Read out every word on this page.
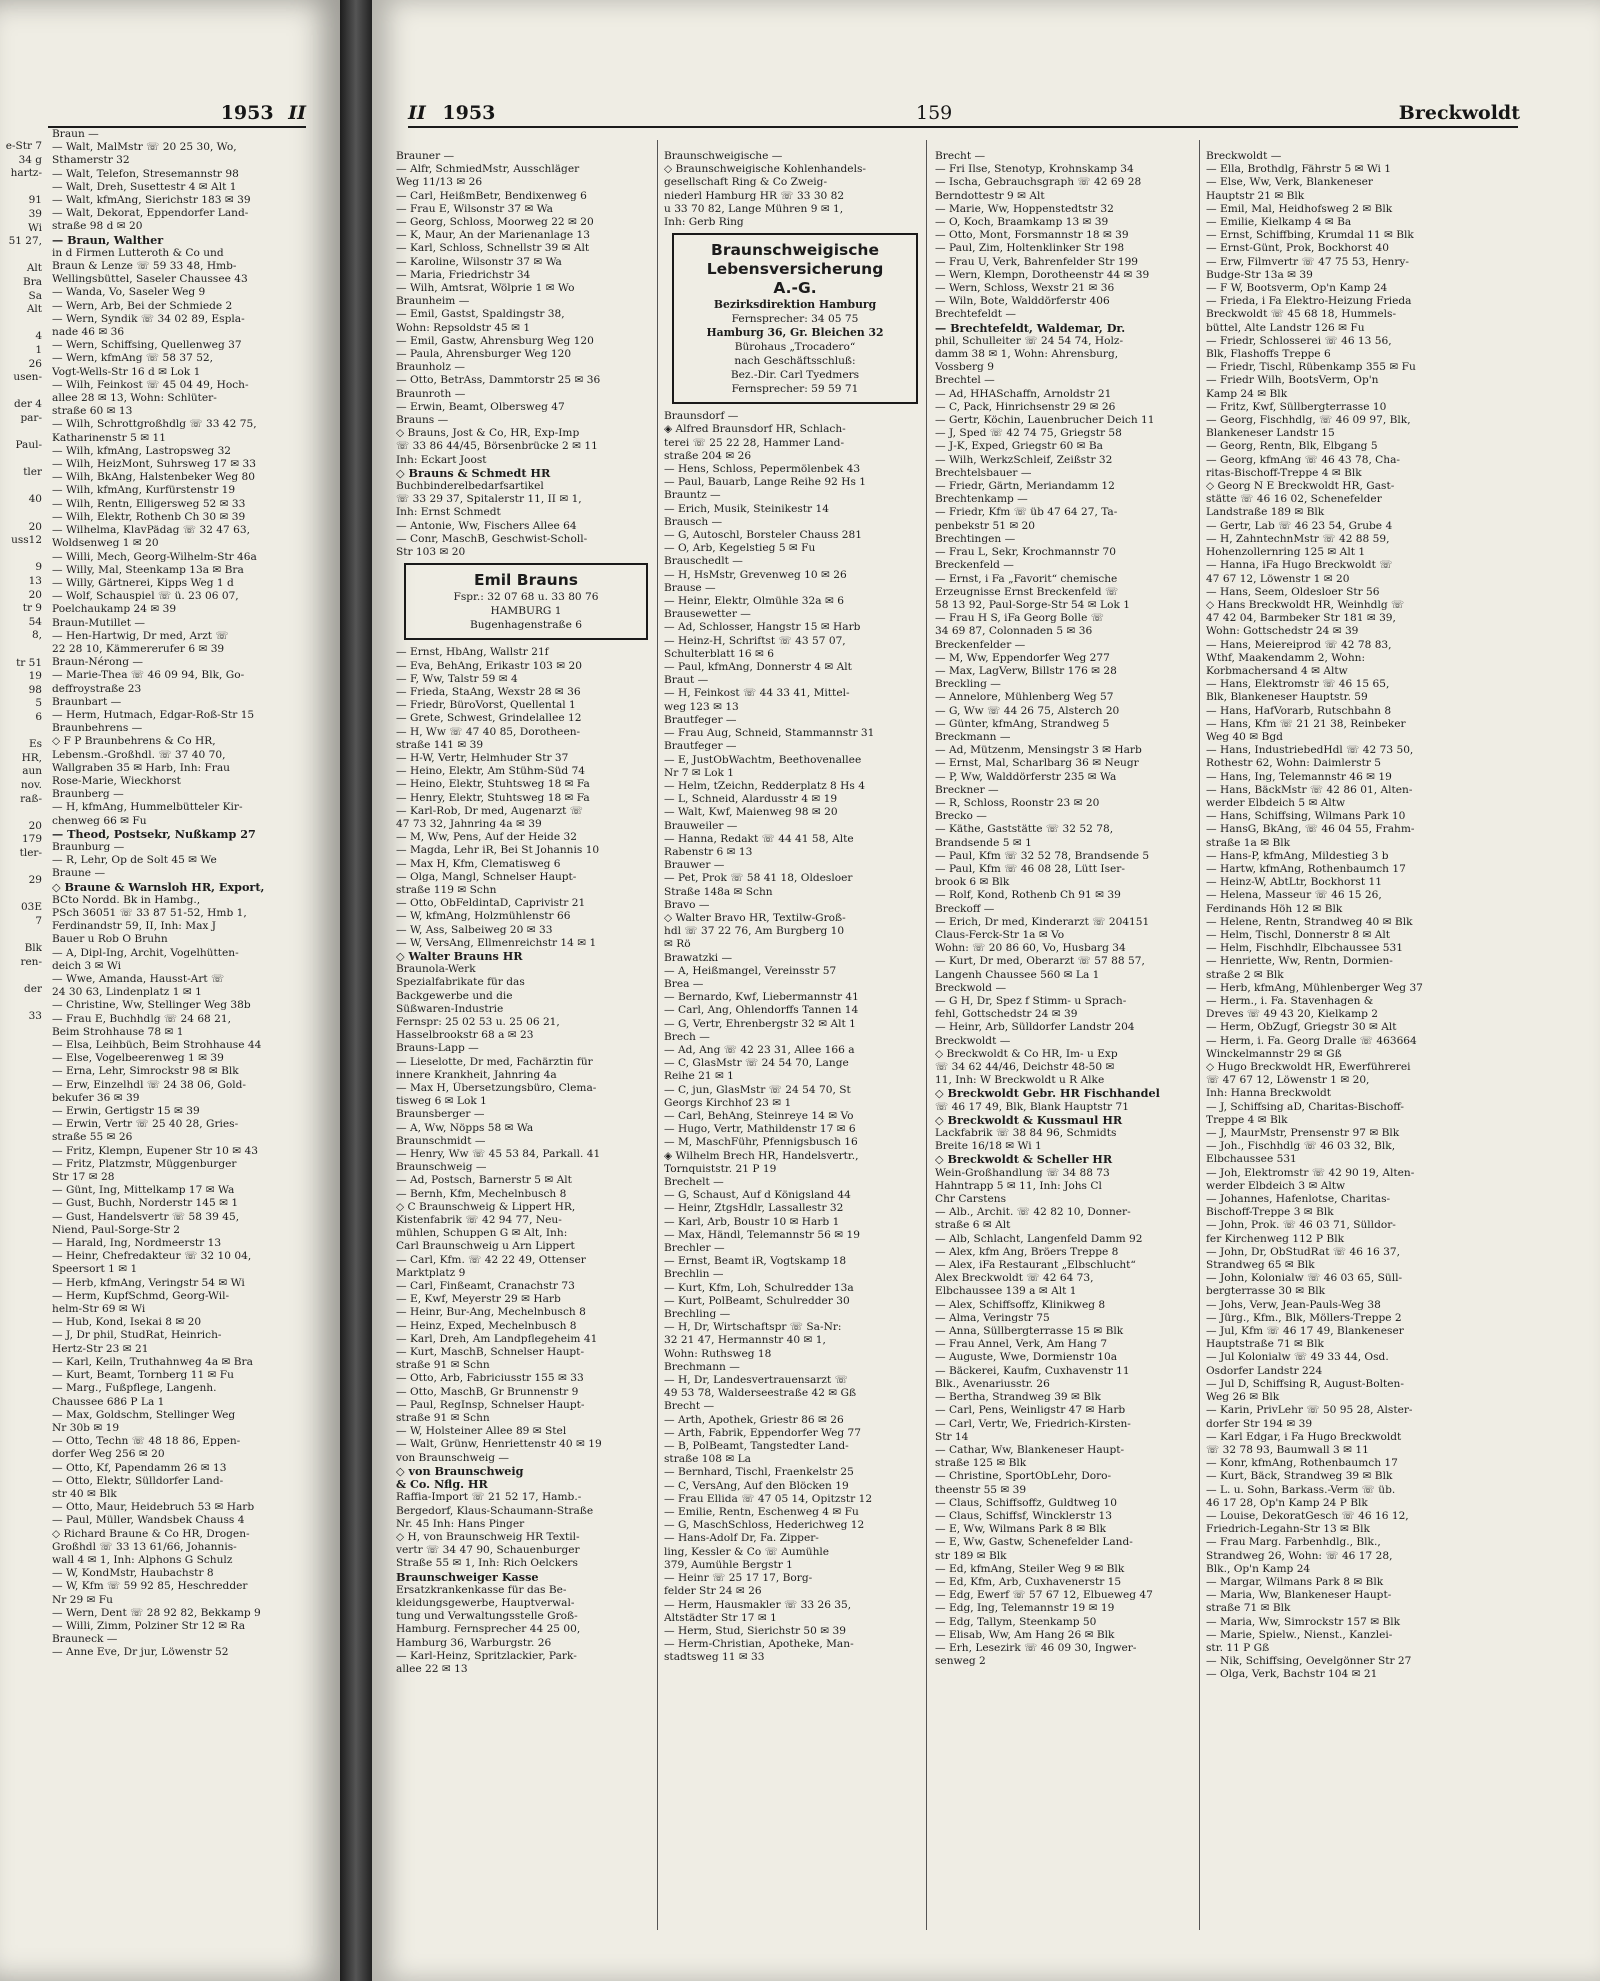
e-Str 7
34 g
hartz-

91
39
Wi
51 27,

Alt
Bra
Sa
Alt

4
1
26
usen-

der 4
par-

Paul-

tler

40

20
uss12

9
13
20
tr 9
54
8,

tr 51
19
98
5
6

Es
HR,
aun
nov.
raß-

20
179
tler-

29

03E
7

Blk
ren-

der

33
1953 II
Braun —
— Walt, MalMstr ☏ 20 25 30, Wo,
Sthamerstr 32
— Walt, Telefon, Stresemannstr 98
— Walt, Dreh, Susettestr 4 ✉ Alt 1
— Walt, kfmAng, Sierichstr 183 ✉ 39
— Walt, Dekorat, Eppendorfer Land-
straße 98 d ✉ 20
— Braun, Walther
in d Firmen Lutteroth & Co und
Braun & Lenze ☏ 59 33 48, Hmb-
Wellingsbüttel, Saseler Chaussee 43
— Wanda, Vo, Saseler Weg 9
— Wern, Arb, Bei der Schmiede 2
— Wern, Syndik ☏ 34 02 89, Espla-
nade 46 ✉ 36
— Wern, Schiffsing, Quellenweg 37
— Wern, kfmAng ☏ 58 37 52,
Vogt-Wells-Str 16 d ✉ Lok 1
— Wilh, Feinkost ☏ 45 04 49, Hoch-
allee 28 ✉ 13, Wohn: Schlüter-
straße 60 ✉ 13
— Wilh, Schrottgroßhdlg ☏ 33 42 75,
Katharinenstr 5 ✉ 11
— Wilh, kfmAng, Lastropsweg 32
— Wilh, HeizMont, Suhrsweg 17 ✉ 33
— Wilh, BkAng, Halstenbeker Weg 80
— Wilh, kfmAng, Kurfürstenstr 19
— Wilh, Rentn, Elligersweg 52 ✉ 33
— Wilh, Elektr, Rothenb Ch 30 ✉ 39
— Wilhelma, KlavPädag ☏ 32 47 63,
Woldsenweg 1 ✉ 20
— Willi, Mech, Georg-Wilhelm-Str 46a
— Willy, Mal, Steenkamp 13a ✉ Bra
— Willy, Gärtnerei, Kipps Weg 1 d
— Wolf, Schauspiel ☏ ü. 23 06 07,
Poelchaukamp 24 ✉ 39
Braun-Mutillet —
— Hen-Hartwig, Dr med, Arzt ☏
22 28 10, Kämmererufer 6 ✉ 39
Braun-Nérong —
— Marie-Thea ☏ 46 09 94, Blk, Go-
deffroystraße 23
Braunbart —
— Herm, Hutmach, Edgar-Roß-Str 15
Braunbehrens —
◇ F P Braunbehrens & Co HR,
Lebensm.-Großhdl. ☏ 37 40 70,
Wallgraben 35 ✉ Harb, Inh: Frau
Rose-Marie, Wieckhorst
Braunberg —
— H, kfmAng, Hummelbütteler Kir-
chenweg 66 ✉ Fu
— Theod, Postsekr, Nußkamp 27
Braunburg —
— R, Lehr, Op de Solt 45 ✉ We
Braune —
◇ Braune & Warnsloh HR, Export,
BCto Nordd. Bk in Hambg.,
PSch 36051 ☏ 33 87 51-52, Hmb 1,
Ferdinandstr 59, II, Inh: Max J
Bauer u Rob O Bruhn
— A, Dipl-Ing, Archit, Vogelhütten-
deich 3 ✉ Wi
— Wwe, Amanda, Hausst-Art ☏
24 30 63, Lindenplatz 1 ✉ 1
— Christine, Ww, Stellinger Weg 38b
— Frau E, Buchhdlg ☏ 24 68 21,
Beim Strohhause 78 ✉ 1
— Elsa, Leihbüch, Beim Strohhause 44
— Else, Vogelbeerenweg 1 ✉ 39
— Erna, Lehr, Simrockstr 98 ✉ Blk
— Erw, Einzelhdl ☏ 24 38 06, Gold-
bekufer 36 ✉ 39
— Erwin, Gertigstr 15 ✉ 39
— Erwin, Vertr ☏ 25 40 28, Gries-
straße 55 ✉ 26
— Fritz, Klempn, Eupener Str 10 ✉ 43
— Fritz, Platzmstr, Müggenburger
Str 17 ✉ 28
— Günt, Ing, Mittelkamp 17 ✉ Wa
— Gust, Buchh, Norderstr 145 ✉ 1
— Gust, Handelsvertr ☏ 58 39 45,
Niend, Paul-Sorge-Str 2
— Harald, Ing, Nordmeerstr 13
— Heinr, Chefredakteur ☏ 32 10 04,
Speersort 1 ✉ 1
— Herb, kfmAng, Veringstr 54 ✉ Wi
— Herm, KupfSchmd, Georg-Wil-
helm-Str 69 ✉ Wi
— Hub, Kond, Isekai 8 ✉ 20
— J, Dr phil, StudRat, Heinrich-
Hertz-Str 23 ✉ 21
— Karl, Keiln, Truthahnweg 4a ✉ Bra
— Kurt, Beamt, Tornberg 11 ✉ Fu
— Marg., Fußpflege, Langenh.
Chaussee 686 P La 1
— Max, Goldschm, Stellinger Weg
Nr 30b ✉ 19
— Otto, Techn ☏ 48 18 86, Eppen-
dorfer Weg 256 ✉ 20
— Otto, Kf, Papendamm 26 ✉ 13
— Otto, Elektr, Sülldorfer Land-
str 40 ✉ Blk
— Otto, Maur, Heidebruch 53 ✉ Harb
— Paul, Müller, Wandsbek Chauss 4
◇ Richard Braune & Co HR, Drogen-
Großhdl ☏ 33 13 61/66, Johannis-
wall 4 ✉ 1, Inh: Alphons G Schulz
— W, KondMstr, Haubachstr 8
— W, Kfm ☏ 59 92 85, Heschredder
Nr 29 ✉ Fu
— Wern, Dent ☏ 28 92 82, Bekkamp 9
— Willi, Zimm, Polziner Str 12 ✉ Ra
Brauneck —
— Anne Eve, Dr jur, Löwenstr 52
II 1953	159	Breckwoldt
Brauner —
— Alfr, SchmiedMstr, Ausschläger
Weg 11/13 ✉ 26
— Carl, HeißmBetr, Bendixenweg 6
— Frau E, Wilsonstr 37 ✉ Wa
— Georg, Schloss, Moorweg 22 ✉ 20
— K, Maur, An der Marienanlage 13
— Karl, Schloss, Schnellstr 39 ✉ Alt
— Karoline, Wilsonstr 37 ✉ Wa
— Maria, Friedrichstr 34
— Wilh, Amtsrat, Wölprie 1 ✉ Wo
Braunheim —
— Emil, Gastst, Spaldingstr 38,
Wohn: Repsoldstr 45 ✉ 1
— Emil, Gastw, Ahrensburg Weg 120
— Paula, Ahrensburger Weg 120
Braunholz —
— Otto, BetrAss, Dammtorstr 25 ✉ 36
Braunroth —
— Erwin, Beamt, Olbersweg 47
Brauns —
◇ Brauns, Jost & Co, HR, Exp-Imp
☏ 33 86 44/45, Börsenbrücke 2 ✉ 11
Inh: Eckart Joost
◇ Brauns & Schmedt HR
Buchbinderelbedarfsartikel
☏ 33 29 37, Spitalerstr 11, II ✉ 1,
Inh: Ernst Schmedt
— Antonie, Ww, Fischers Allee 64
— Conr, MaschB, Geschwist-Scholl-
Str 103 ✉ 20
Emil Brauns
Fspr.: 32 07 68 u. 33 80 76
HAMBURG 1
Bugenhagenstraße 6
— Ernst, HbAng, Wallstr 21f
— Eva, BehAng, Erikastr 103 ✉ 20
— F, Ww, Talstr 59 ✉ 4
— Frieda, StaAng, Wexstr 28 ✉ 36
— Friedr, BüroVorst, Quellental 1
— Grete, Schwest, Grindelallee 12
— H, Ww ☏ 47 40 85, Dorotheen-
straße 141 ✉ 39
— H-W, Vertr, Helmhuder Str 37
— Heino, Elektr, Am Stühm-Süd 74
— Heino, Elektr, Stuhtsweg 18 ✉ Fa
— Henry, Elektr, Stuhtsweg 18 ✉ Fa
— Karl-Rob, Dr med, Augenarzt ☏
47 73 32, Jahnring 4a ✉ 39
— M, Ww, Pens, Auf der Heide 32
— Magda, Lehr iR, Bei St Johannis 10
— Max H, Kfm, Clematisweg 6
— Olga, Mangl, Schnelser Haupt-
straße 119 ✉ Schn
— Otto, ObFeldintaD, Caprivistr 21
— W, kfmAng, Holzmühlenstr 66
— W, Ass, Salbeiweg 20 ✉ 33
— W, VersAng, Ellmenreichstr 14 ✉ 1
◇ Walter Brauns HR
Braunola-Werk
Spezialfabrikate für das
Backgewerbe und die
Süßwaren-Industrie
Fernspr: 25 02 53 u. 25 06 21,
Hasselbrookstr 68 a ✉ 23
Brauns-Lapp —
— Lieselotte, Dr med, Fachärztin für
innere Krankheit, Jahnring 4a
— Max H, Übersetzungsbüro, Clema-
tisweg 6 ✉ Lok 1
Braunsberger —
— A, Ww, Nöpps 58 ✉ Wa
Braunschmidt —
— Henry, Ww ☏ 45 53 84, Parkall. 41
Braunschweig —
— Ad, Postsch, Barnerstr 5 ✉ Alt
— Bernh, Kfm, Mechelnbusch 8
◇ C Braunschweig & Lippert HR,
Kistenfabrik ☏ 42 94 77, Neu-
mühlen, Schuppen G ✉ Alt, Inh:
Carl Braunschweig u Arn Lippert
— Carl, Kfm. ☏ 42 22 49, Ottenser
Marktplatz 9
— Carl, Finßeamt, Cranachstr 73
— E, Kwf, Meyerstr 29 ✉ Harb
— Heinr, Bur-Ang, Mechelnbusch 8
— Heinz, Exped, Mechelnbusch 8
— Karl, Dreh, Am Landpflegeheim 41
— Kurt, MaschB, Schnelser Haupt-
straße 91 ✉ Schn
— Otto, Arb, Fabriciusstr 155 ✉ 33
— Otto, MaschB, Gr Brunnenstr 9
— Paul, RegInsp, Schnelser Haupt-
straße 91 ✉ Schn
— W, Holsteiner Allee 89 ✉ Stel
— Walt, Grünw, Henriettenstr 40 ✉ 19
von Braunschweig —
◇ von Braunschweig
& Co. Nflg. HR
Raffia-Import ☏ 21 52 17, Hamb.-
Bergedorf, Klaus-Schaumann-Straße
Nr. 45 Inh: Hans Pinger
◇ H, von Braunschweig HR Textil-
vertr ☏ 34 47 90, Schauenburger
Straße 55 ✉ 1, Inh: Rich Oelckers
Braunschweiger Kasse
Ersatzkrankenkasse für das Be-
kleidungsgewerbe, Hauptverwal-
tung und Verwaltungsstelle Groß-
Hamburg. Fernsprecher 44 25 00,
Hamburg 36, Warburgstr. 26
— Karl-Heinz, Spritzlackier, Park-
allee 22 ✉ 13
Braunschweigische —
◇ Braunschweigische Kohlenhandels-
gesellschaft Ring & Co Zweig-
niederl Hamburg HR ☏ 33 30 82
u 33 70 82, Lange Mühren 9 ✉ 1,
Inh: Gerb Ring
Braunschweigische
Lebensversicherung
A.-G.
Bezirksdirektion Hamburg
Fernsprecher: 34 05 75
Hamburg 36, Gr. Bleichen 32
Bürohaus „Trocadero“
nach Geschäftsschluß:
Bez.-Dir. Carl Tyedmers
Fernsprecher: 59 59 71
Braunsdorf —
◈ Alfred Braunsdorf HR, Schlach-
terei ☏ 25 22 28, Hammer Land-
straße 204 ✉ 26
— Hens, Schloss, Pepermölenbek 43
— Paul, Bauarb, Lange Reihe 92 Hs 1
Brauntz —
— Erich, Musik, Steinikestr 14
Brausch —
— G, Autoschl, Borsteler Chauss 281
— O, Arb, Kegelstieg 5 ✉ Fu
Brauschedlt —
— H, HsMstr, Grevenweg 10 ✉ 26
Brause —
— Heinr, Elektr, Olmühle 32a ✉ 6
Brausewetter —
— Ad, Schlosser, Hangstr 15 ✉ Harb
— Heinz-H, Schriftst ☏ 43 57 07,
Schulterblatt 16 ✉ 6
— Paul, kfmAng, Donnerstr 4 ✉ Alt
Braut —
— H, Feinkost ☏ 44 33 41, Mittel-
weg 123 ✉ 13
Brautfeger —
— Frau Aug, Schneid, Stammannstr 31
Brautfeger —
— E, JustObWachtm, Beethovenallee
Nr 7 ✉ Lok 1
— Helm, tZeichn, Redderplatz 8 Hs 4
— L, Schneid, Alardusstr 4 ✉ 19
— Walt, Kwf, Maienweg 98 ✉ 20
Brauweiler —
— Hanna, Redakt ☏ 44 41 58, Alte
Rabenstr 6 ✉ 13
Brauwer —
— Pet, Prok ☏ 58 41 18, Oldesloer
Straße 148a ✉ Schn
Bravo —
◇ Walter Bravo HR, Textilw-Groß-
hdl ☏ 37 22 76, Am Burgberg 10
✉ Rö
Brawatzki —
— A, Heißmangel, Vereinsstr 57
Brea —
— Bernardo, Kwf, Liebermannstr 41
— Carl, Ang, Ohlendorffs Tannen 14
— G, Vertr, Ehrenbergstr 32 ✉ Alt 1
Brech —
— Ad, Ang ☏ 42 23 31, Allee 166 a
— C, GlasMstr ☏ 24 54 70, Lange
Reihe 21 ✉ 1
— C, jun, GlasMstr ☏ 24 54 70, St
Georgs Kirchhof 23 ✉ 1
— Carl, BehAng, Steinreye 14 ✉ Vo
— Hugo, Vertr, Mathildenstr 17 ✉ 6
— M, MaschFühr, Pfennigsbusch 16
◈ Wilhelm Brech HR, Handelsvertr.,
Tornquiststr. 21 P 19
Brechelt —
— G, Schaust, Auf d Königsland 44
— Heinr, ZtgsHdlr, Lassallestr 32
— Karl, Arb, Boustr 10 ✉ Harb 1
— Max, Händl, Telemannstr 56 ✉ 19
Brechler —
— Ernst, Beamt iR, Vogtskamp 18
Brechlin —
— Kurt, Kfm, Loh, Schulredder 13a
— Kurt, PolBeamt, Schulredder 30
Brechling —
— H, Dr, Wirtschaftspr ☏ Sa-Nr:
32 21 47, Hermannstr 40 ✉ 1,
Wohn: Ruthsweg 18
Brechmann —
— H, Dr, Landesvertrauensarzt ☏
49 53 78, Walderseestraße 42 ✉ Gß
Brecht —
— Arth, Apothek, Griestr 86 ✉ 26
— Arth, Fabrik, Eppendorfer Weg 77
— B, PolBeamt, Tangstedter Land-
straße 108 ✉ La
— Bernhard, Tischl, Fraenkelstr 25
— C, VersAng, Auf den Blöcken 19
— Frau Ellida ☏ 47 05 14, Opitzstr 12
— Emilie, Rentn, Eschenweg 4 ✉ Fu
— G, MaschSchloss, Hederichweg 12
— Hans-Adolf Dr, Fa. Zipper-
ling, Kessler & Co ☏ Aumühle
379, Aumühle Bergstr 1
— Heinr ☏ 25 17 17, Borg-
felder Str 24 ✉ 26
— Herm, Hausmakler ☏ 33 26 35,
Altstädter Str 17 ✉ 1
— Herm, Stud, Sierichstr 50 ✉ 39
— Herm-Christian, Apotheke, Man-
stadtsweg 11 ✉ 33
Brecht —
— Fri Ilse, Stenotyp, Krohnskamp 34
— Ischa, Gebrauchsgraph ☏ 42 69 28
Berndottestr 9 ✉ Alt
— Marie, Ww, Hoppenstedtstr 32
— O, Koch, Braamkamp 13 ✉ 39
— Otto, Mont, Forsmannstr 18 ✉ 39
— Paul, Zim, Holtenklinker Str 198
— Frau U, Verk, Bahrenfelder Str 199
— Wern, Klempn, Dorotheenstr 44 ✉ 39
— Wern, Schloss, Wexstr 21 ✉ 36
— Wiln, Bote, Walddörferstr 406
Brechtefeldt —
— Brechtefeldt, Waldemar, Dr.
phil, Schulleiter ☏ 24 54 74, Holz-
damm 38 ✉ 1, Wohn: Ahrensburg,
Vossberg 9
Brechtel —
— Ad, HHASchaffn, Arnoldstr 21
— C, Pack, Hinrichsenstr 29 ✉ 26
— Gertr, Köchin, Lauenbrucher Deich 11
— J, Sped ☏ 42 74 75, Griegstr 58
— J-K, Exped, Griegstr 60 ✉ Ba
— Wilh, WerkzSchleif, Zeißstr 32
Brechtelsbauer —
— Friedr, Gärtn, Meriandamm 12
Brechtenkamp —
— Friedr, Kfm ☏ üb 47 64 27, Ta-
penbekstr 51 ✉ 20
Brechtingen —
— Frau L, Sekr, Krochmannstr 70
Breckenfeld —
— Ernst, i Fa „Favorit“ chemische
Erzeugnisse Ernst Breckenfeld ☏
58 13 92, Paul-Sorge-Str 54 ✉ Lok 1
— Frau H S, iFa Georg Bolle ☏
34 69 87, Colonnaden 5 ✉ 36
Breckenfelder —
— M, Ww, Eppendorfer Weg 277
— Max, LagVerw, Billstr 176 ✉ 28
Breckling —
— Annelore, Mühlenberg Weg 57
— G, Ww ☏ 44 26 75, Alsterch 20
— Günter, kfmAng, Strandweg 5
Breckmann —
— Ad, Mützenm, Mensingstr 3 ✉ Harb
— Ernst, Mal, Scharlbarg 36 ✉ Neugr
— P, Ww, Walddörferstr 235 ✉ Wa
Breckner —
— R, Schloss, Roonstr 23 ✉ 20
Brecko —
— Käthe, Gaststätte ☏ 32 52 78,
Brandsende 5 ✉ 1
— Paul, Kfm ☏ 32 52 78, Brandsende 5
— Paul, Kfm ☏ 46 08 28, Lütt Iser-
brook 6 ✉ Blk
— Rolf, Kond, Rothenb Ch 91 ✉ 39
Breckoff —
— Erich, Dr med, Kinderarzt ☏ 204151
Claus-Ferck-Str 1a ✉ Vo
Wohn: ☏ 20 86 60, Vo, Husbarg 34
— Kurt, Dr med, Oberarzt ☏ 57 88 57,
Langenh Chaussee 560 ✉ La 1
Breckwold —
— G H, Dr, Spez f Stimm- u Sprach-
fehl, Gottschedstr 24 ✉ 39
— Heinr, Arb, Sülldorfer Landstr 204
Breckwoldt —
◇ Breckwoldt & Co HR, Im- u Exp
☏ 34 62 44/46, Deichstr 48-50 ✉
11, Inh: W Breckwoldt u R Alke
◇ Breckwoldt Gebr. HR Fischhandel
☏ 46 17 49, Blk, Blank Hauptstr 71
◇ Breckwoldt & Kussmaul HR
Lackfabrik ☏ 38 84 96, Schmidts
Breite 16/18 ✉ Wi 1
◇ Breckwoldt & Scheller HR
Wein-Großhandlung ☏ 34 88 73
Hahntrapp 5 ✉ 11, Inh: Johs Cl
Chr Carstens
— Alb., Archit. ☏ 42 82 10, Donner-
straße 6 ✉ Alt
— Alb, Schlacht, Langenfeld Damm 92
— Alex, kfm Ang, Bröers Treppe 8
— Alex, iFa Restaurant „Elbschlucht“
Alex Breckwoldt ☏ 42 64 73,
Elbchaussee 139 a ✉ Alt 1
— Alex, Schiffsoffz, Klinikweg 8
— Alma, Veringstr 75
— Anna, Süllbergterrasse 15 ✉ Blk
— Frau Annel, Verk, Am Hang 7
— Auguste, Wwe, Dormienstr 10a
— Bäckerei, Kaufm, Cuxhavenstr 11
Blk., Avenariusstr. 26
— Bertha, Strandweg 39 ✉ Blk
— Carl, Pens, Weinligstr 47 ✉ Harb
— Carl, Vertr, We, Friedrich-Kirsten-
Str 14
— Cathar, Ww, Blankeneser Haupt-
straße 125 ✉ Blk
— Christine, SportObLehr, Doro-
theenstr 55 ✉ 39
— Claus, Schiffsoffz, Guldtweg 10
— Claus, Schiffsf, Wincklerstr 13
— E, Ww, Wilmans Park 8 ✉ Blk
— E, Ww, Gastw, Schenefelder Land-
str 189 ✉ Blk
— Ed, kfmAng, Steiler Weg 9 ✉ Blk
— Ed, Kfm, Arb, Cuxhavenerstr 15
— Edg, Ewerf ☏ 57 67 12, Elbueweg 47
— Edg, Ing, Telemannstr 19 ✉ 19
— Edg, Tallym, Steenkamp 50
— Elisab, Ww, Am Hang 26 ✉ Blk
— Erh, Lesezirk ☏ 46 09 30, Ingwer-
senweg 2
Breckwoldt —
— Ella, Brothdlg, Fährstr 5 ✉ Wi 1
— Else, Ww, Verk, Blankeneser
Hauptstr 21 ✉ Blk
— Emil, Mal, Heidhofsweg 2 ✉ Blk
— Emilie, Kielkamp 4 ✉ Ba
— Ernst, Schiffbing, Krumdal 11 ✉ Blk
— Ernst-Günt, Prok, Bockhorst 40
— Erw, Filmvertr ☏ 47 75 53, Henry-
Budge-Str 13a ✉ 39
— F W, Bootsverm, Op'n Kamp 24
— Frieda, i Fa Elektro-Heizung Frieda
Breckwoldt ☏ 45 68 18, Hummels-
büttel, Alte Landstr 126 ✉ Fu
— Friedr, Schlosserei ☏ 46 13 56,
Blk, Flashoffs Treppe 6
— Friedr, Tischl, Rübenkamp 355 ✉ Fu
— Friedr Wilh, BootsVerm, Op'n
Kamp 24 ✉ Blk
— Fritz, Kwf, Süllbergterrasse 10
— Georg, Fischhdlg, ☏ 46 09 97, Blk,
Blankeneser Landstr 15
— Georg, Rentn, Blk, Elbgang 5
— Georg, kfmAng ☏ 46 43 78, Cha-
ritas-Bischoff-Treppe 4 ✉ Blk
◇ Georg N E Breckwoldt HR, Gast-
stätte ☏ 46 16 02, Schenefelder
Landstraße 189 ✉ Blk
— Gertr, Lab ☏ 46 23 54, Grube 4
— H, ZahntechnMstr ☏ 42 88 59,
Hohenzollernring 125 ✉ Alt 1
— Hanna, iFa Hugo Breckwoldt ☏
47 67 12, Löwenstr 1 ✉ 20
— Hans, Seem, Oldesloer Str 56
◇ Hans Breckwoldt HR, Weinhdlg ☏
47 42 04, Barmbeker Str 181 ✉ 39,
Wohn: Gottschedstr 24 ✉ 39
— Hans, Meiereiprod ☏ 42 78 83,
Wthf, Maakendamm 2, Wohn:
Korbmachersand 4 ✉ Altw
— Hans, Elektromstr ☏ 46 15 65,
Blk, Blankeneser Hauptstr. 59
— Hans, HafVorarb, Rutschbahn 8
— Hans, Kfm ☏ 21 21 38, Reinbeker
Weg 40 ✉ Bgd
— Hans, IndustriebedHdl ☏ 42 73 50,
Rothestr 62, Wohn: Daimlerstr 5
— Hans, Ing, Telemannstr 46 ✉ 19
— Hans, BäckMstr ☏ 42 86 01, Alten-
werder Elbdeich 5 ✉ Altw
— Hans, Schiffsing, Wilmans Park 10
— HansG, BkAng, ☏ 46 04 55, Frahm-
straße 1a ✉ Blk
— Hans-P, kfmAng, Mildestieg 3 b
— Hartw, kfmAng, Rothenbaumch 17
— Heinz-W, AbtLtr, Bockhorst 11
— Helena, Masseur ☏ 46 15 26,
Ferdinands Höh 12 ✉ Blk
— Helene, Rentn, Strandweg 40 ✉ Blk
— Helm, Tischl, Donnerstr 8 ✉ Alt
— Helm, Fischhdlr, Elbchaussee 531
— Henriette, Ww, Rentn, Dormien-
straße 2 ✉ Blk
— Herb, kfmAng, Mühlenberger Weg 37
— Herm., i. Fa. Stavenhagen &
Dreves ☏ 49 43 20, Kielkamp 2
— Herm, ObZugf, Griegstr 30 ✉ Alt
— Herm, i. Fa. Georg Dralle ☏ 463664
Winckelmannstr 29 ✉ Gß
◇ Hugo Breckwoldt HR, Ewerführerei
☏ 47 67 12, Löwenstr 1 ✉ 20,
Inh: Hanna Breckwoldt
— J, Schiffsing aD, Charitas-Bischoff-
Treppe 4 ✉ Blk
— J, MaurMstr, Prensenstr 97 ✉ Blk
— Joh., Fischhdlg ☏ 46 03 32, Blk,
Elbchaussee 531
— Joh, Elektromstr ☏ 42 90 19, Alten-
werder Elbdeich 3 ✉ Altw
— Johannes, Hafenlotse, Charitas-
Bischoff-Treppe 3 ✉ Blk
— John, Prok. ☏ 46 03 71, Sülldor-
fer Kirchenweg 112 P Blk
— John, Dr, ObStudRat ☏ 46 16 37,
Strandweg 65 ✉ Blk
— John, Kolonialw ☏ 46 03 65, Süll-
bergterrasse 30 ✉ Blk
— Johs, Verw, Jean-Pauls-Weg 38
— Jürg., Kfm., Blk, Möllers-Treppe 2
— Jul, Kfm ☏ 46 17 49, Blankeneser
Hauptstraße 71 ✉ Blk
— Jul Kolonialw ☏ 49 33 44, Osd.
Osdorfer Landstr 224
— Jul D, Schiffsing R, August-Bolten-
Weg 26 ✉ Blk
— Karin, PrivLehr ☏ 50 95 28, Alster-
dorfer Str 194 ✉ 39
— Karl Edgar, i Fa Hugo Breckwoldt
☏ 32 78 93, Baumwall 3 ✉ 11
— Konr, kfmAng, Rothenbaumch 17
— Kurt, Bäck, Strandweg 39 ✉ Blk
— L. u. Sohn, Barkass.-Verm ☏ üb.
46 17 28, Op'n Kamp 24 P Blk
— Louise, DekoratGesch ☏ 46 16 12,
Friedrich-Legahn-Str 13 ✉ Blk
— Frau Marg. Farbenhdlg., Blk.,
Strandweg 26, Wohn: ☏ 46 17 28,
Blk., Op'n Kamp 24
— Margar, Wilmans Park 8 ✉ Blk
— Maria, Ww, Blankeneser Haupt-
straße 71 ✉ Blk
— Maria, Ww, Simrockstr 157 ✉ Blk
— Marie, Spielw., Nienst., Kanzlei-
str. 11 P Gß
— Nik, Schiffsing, Oevelgönner Str 27
— Olga, Verk, Bachstr 104 ✉ 21
